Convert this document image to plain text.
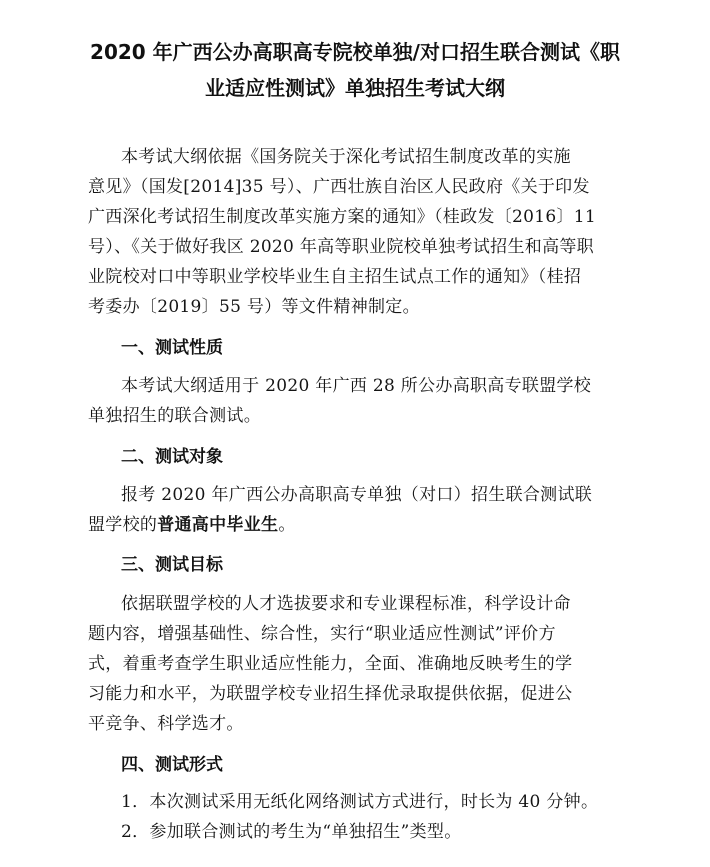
2020 年广西公办高职高专院校单独/对口招生联合测试《职
业适应性测试》单独招生考试大纲
本考试大纲依据《国务院关于深化考试招生制度改革的实施
意见》（国发[2014]35 号）、广西壮族自治区人民政府《关于印发
广西深化考试招生制度改革实施方案的通知》（桂政发〔2016〕11
号）、《关于做好我区 2020 年高等职业院校单独考试招生和高等职
业院校对口中等职业学校毕业生自主招生试点工作的通知》（桂招
考委办〔2019〕55 号）等文件精神制定。
一、测试性质
本考试大纲适用于 2020 年广西 28 所公办高职高专联盟学校
单独招生的联合测试。
二、测试对象
报考 2020 年广西公办高职高专单独（对口）招生联合测试联
盟学校的普通高中毕业生。
三、测试目标
依据联盟学校的人才选拔要求和专业课程标准，科学设计命
题内容，增强基础性、综合性，实行“职业适应性测试”评价方
式，着重考查学生职业适应性能力，全面、准确地反映考生的学
习能力和水平，为联盟学校专业招生择优录取提供依据，促进公
平竞争、科学选才。
四、测试形式
1．本次测试采用无纸化网络测试方式进行，时长为 40 分钟。
2．参加联合测试的考生为“单独招生”类型。
